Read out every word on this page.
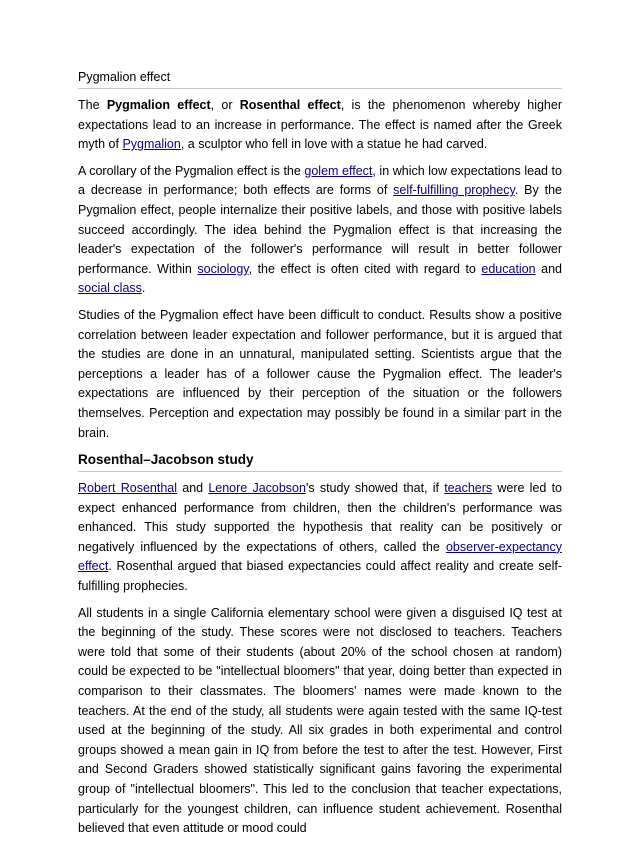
Pygmalion effect

The Pygmalion effect, or Rosenthal effect, is the phenomenon whereby higher expectations lead to an increase in performance. The effect is named after the Greek myth of Pygmalion, a sculptor who fell in love with a statue he had carved.

A corollary of the Pygmalion effect is the golem effect, in which low expectations lead to a decrease in performance; both effects are forms of self-fulfilling prophecy. By the Pygmalion effect, people internalize their positive labels, and those with positive labels succeed accordingly. The idea behind the Pygmalion effect is that increasing the leader's expectation of the follower's performance will result in better follower performance. Within sociology, the effect is often cited with regard to education and social class.

Studies of the Pygmalion effect have been difficult to conduct. Results show a positive correlation between leader expectation and follower performance, but it is argued that the studies are done in an unnatural, manipulated setting. Scientists argue that the perceptions a leader has of a follower cause the Pygmalion effect. The leader's expectations are influenced by their perception of the situation or the followers themselves. Perception and expectation may possibly be found in a similar part in the brain.

Rosenthal–Jacobson study

Robert Rosenthal and Lenore Jacobson's study showed that, if teachers were led to expect enhanced performance from children, then the children's performance was enhanced. This study supported the hypothesis that reality can be positively or negatively influenced by the expectations of others, called the observer-expectancy effect. Rosenthal argued that biased expectancies could affect reality and create self-fulfilling prophecies.

All students in a single California elementary school were given a disguised IQ test at the beginning of the study. These scores were not disclosed to teachers. Teachers were told that some of their students (about 20% of the school chosen at random) could be expected to be "intellectual bloomers" that year, doing better than expected in comparison to their classmates. The bloomers' names were made known to the teachers. At the end of the study, all students were again tested with the same IQ-test used at the beginning of the study. All six grades in both experimental and control groups showed a mean gain in IQ from before the test to after the test. However, First and Second Graders showed statistically significant gains favoring the experimental group of "intellectual bloomers". This led to the conclusion that teacher expectations, particularly for the youngest children, can influence student achievement. Rosenthal believed that even attitude or mood could
